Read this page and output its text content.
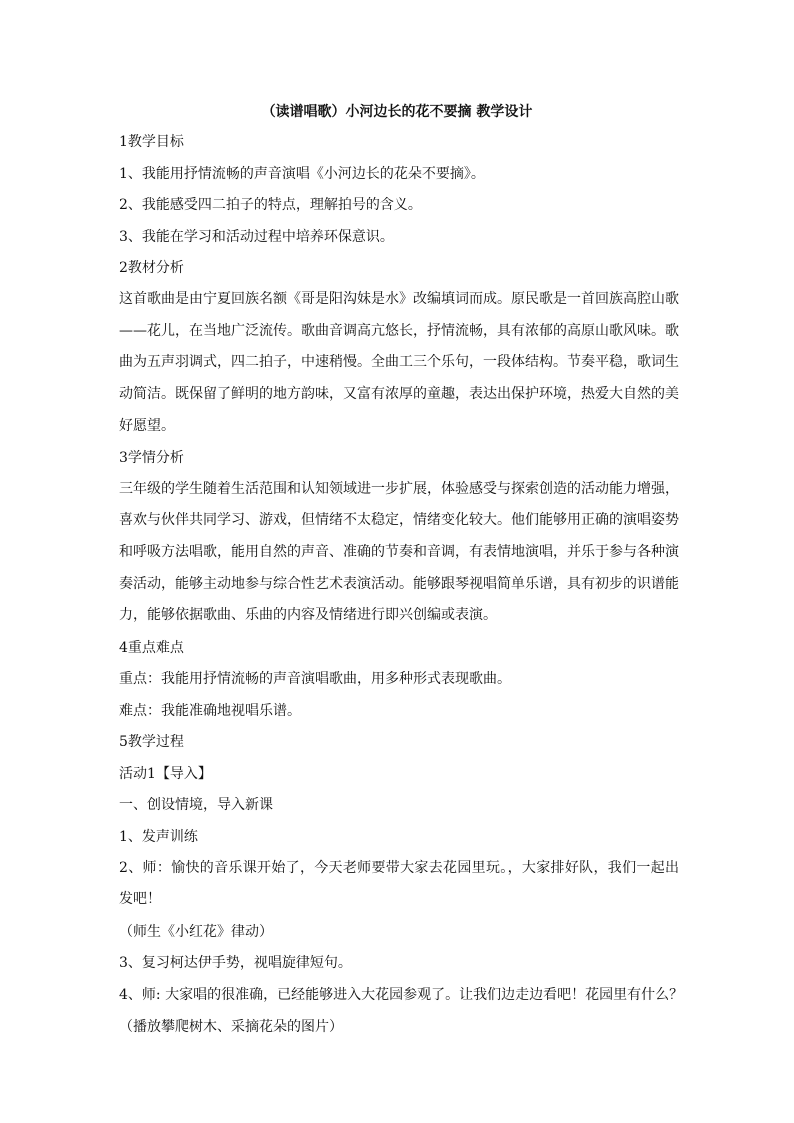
（读谱唱歌）小河边长的花不要摘 教学设计
1教学目标
1、我能用抒情流畅的声音演唱《小河边长的花朵不要摘》。
2、我能感受四二拍子的特点，理解拍号的含义。
3、我能在学习和活动过程中培养环保意识。
2教材分析
这首歌曲是由宁夏回族名额《哥是阳沟妹是水》改编填词而成。原民歌是一首回族高腔山歌——花儿，在当地广泛流传。歌曲音调高亢悠长，抒情流畅，具有浓郁的高原山歌风味。歌曲为五声羽调式，四二拍子，中速稍慢。全曲工三个乐句，一段体结构。节奏平稳，歌词生动简洁。既保留了鲜明的地方韵味，又富有浓厚的童趣，表达出保护环境，热爱大自然的美好愿望。
3学情分析
三年级的学生随着生活范围和认知领域进一步扩展，体验感受与探索创造的活动能力增强，喜欢与伙伴共同学习、游戏，但情绪不太稳定，情绪变化较大。他们能够用正确的演唱姿势和呼吸方法唱歌，能用自然的声音、准确的节奏和音调，有表情地演唱，并乐于参与各种演奏活动，能够主动地参与综合性艺术表演活动。能够跟琴视唱简单乐谱，具有初步的识谱能力，能够依据歌曲、乐曲的内容及情绪进行即兴创编或表演。
4重点难点
重点：我能用抒情流畅的声音演唱歌曲，用多种形式表现歌曲。
难点：我能准确地视唱乐谱。
5教学过程
活动1【导入】
一、创设情境，导入新课
1、发声训练
2、师：愉快的音乐课开始了，今天老师要带大家去花园里玩。，大家排好队，我们一起出发吧！
（师生《小红花》律动）
3、复习柯达伊手势，视唱旋律短句。
4、师: 大家唱的很准确，已经能够进入大花园参观了。让我们边走边看吧！花园里有什么？
（播放攀爬树木、采摘花朵的图片）
